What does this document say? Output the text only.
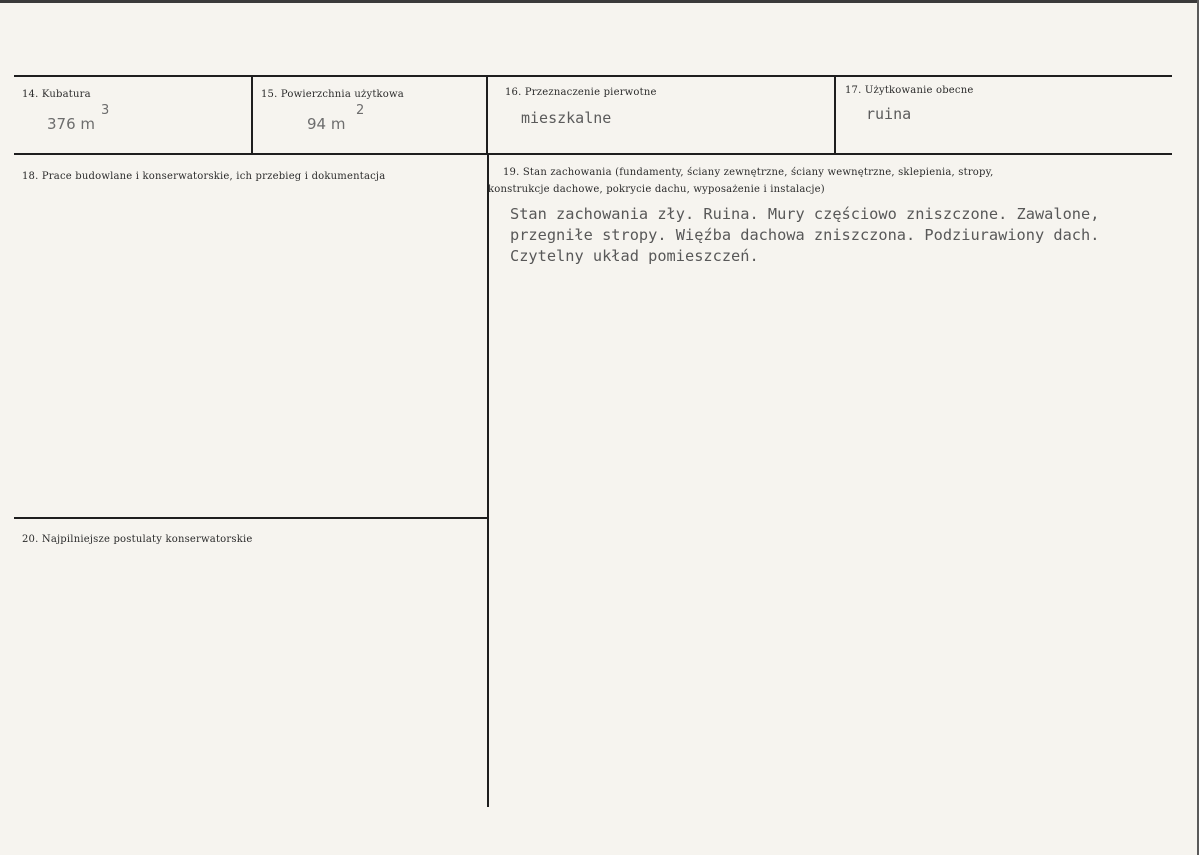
14. Kubatura
376 m
3
15. Powierzchnia użytkowa
94 m
2
16. Przeznaczenie pierwotne
mieszkalne
17. Użytkowanie obecne
ruina
18. Prace budowlane i konserwatorskie, ich przebieg i dokumentacja	19. Stan zachowania (fundamenty, ściany zewnętrzne, ściany wewnętrzne, sklepienia, stropy,
konstrukcje dachowe, pokrycie dachu, wyposażenie i instalacje)
Stan zachowania zły. Ruina. Mury częściowo zniszczone. Zawalone,
przegniłe stropy. Więźba dachowa zniszczona. Podziurawiony dach.
Czytelny układ pomieszczeń.
20. Najpilniejsze postulaty konserwatorskie
